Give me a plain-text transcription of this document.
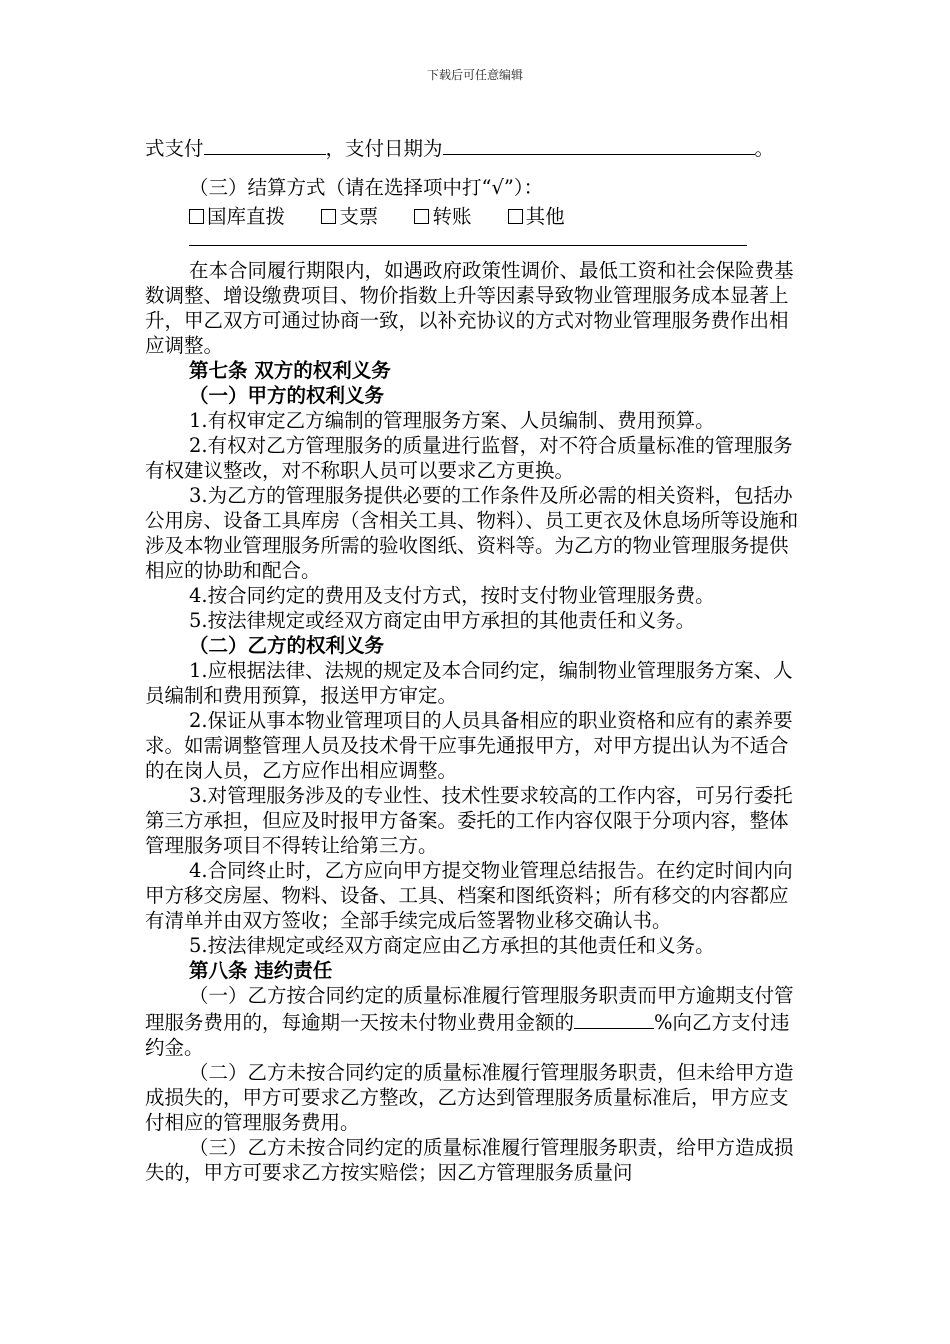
下载后可任意编辑

式支付	，支付日期为	。

（三）结算方式（请在选择项中打“√”）：

国库直拨	支票	转账	其他

在本合同履行期限内，如遇政府政策性调价、最低工资和社会保险费基数调整、增设缴费项目、物价指数上升等因素导致物业管理服务成本显著上升，甲乙双方可通过协商一致，以补充协议的方式对物业管理服务费作出相应调整。

第七条 双方的权利义务

（一）甲方的权利义务

1.有权审定乙方编制的管理服务方案、人员编制、费用预算。

2.有权对乙方管理服务的质量进行监督，对不符合质量标准的管理服务有权建议整改，对不称职人员可以要求乙方更换。

3.为乙方的管理服务提供必要的工作条件及所必需的相关资料，包括办公用房、设备工具库房（含相关工具、物料）、员工更衣及休息场所等设施和涉及本物业管理服务所需的验收图纸、资料等。为乙方的物业管理服务提供相应的协助和配合。

4.按合同约定的费用及支付方式，按时支付物业管理服务费。

5.按法律规定或经双方商定由甲方承担的其他责任和义务。

（二）乙方的权利义务

1.应根据法律、法规的规定及本合同约定，编制物业管理服务方案、人员编制和费用预算，报送甲方审定。

2.保证从事本物业管理项目的人员具备相应的职业资格和应有的素养要求。如需调整管理人员及技术骨干应事先通报甲方，对甲方提出认为不适合的在岗人员，乙方应作出相应调整。

3.对管理服务涉及的专业性、技术性要求较高的工作内容，可另行委托第三方承担，但应及时报甲方备案。委托的工作内容仅限于分项内容，整体管理服务项目不得转让给第三方。

4.合同终止时，乙方应向甲方提交物业管理总结报告。在约定时间内向甲方移交房屋、物料、设备、工具、档案和图纸资料；所有移交的内容都应有清单并由双方签收；全部手续完成后签署物业移交确认书。

5.按法律规定或经双方商定应由乙方承担的其他责任和义务。

第八条 违约责任

（一）乙方按合同约定的质量标准履行管理服务职责而甲方逾期支付管理服务费用的，每逾期一天按未付物业费用金额的	%向乙方支付违约金。

（二）乙方未按合同约定的质量标准履行管理服务职责，但未给甲方造成损失的，甲方可要求乙方整改，乙方达到管理服务质量标准后，甲方应支付相应的管理服务费用。

（三）乙方未按合同约定的质量标准履行管理服务职责，给甲方造成损失的，甲方可要求乙方按实赔偿；因乙方管理服务质量问
